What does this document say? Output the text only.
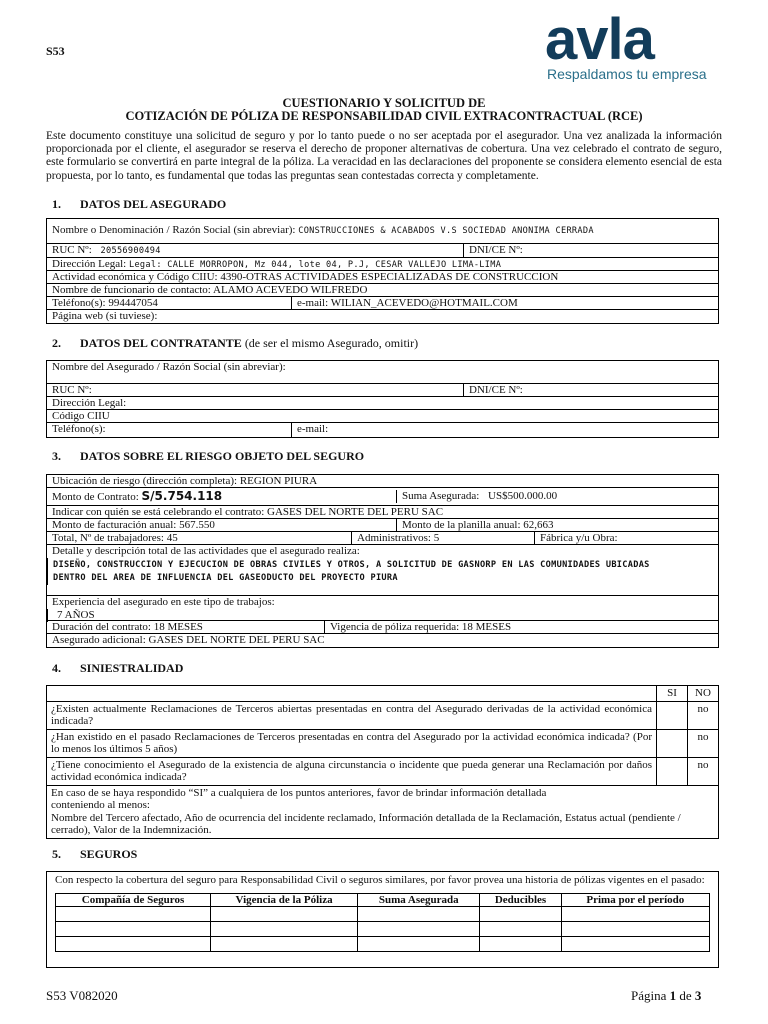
S53	avla
Respaldamos tu empresa
CUESTIONARIO Y SOLICITUD DE
COTIZACIÓN DE PÓLIZA DE RESPONSABILIDAD CIVIL EXTRACONTRACTUAL (RCE)
Este documento constituye una solicitud de seguro y por lo tanto puede o no ser aceptada por el asegurador. Una vez analizada la información proporcionada por el cliente, el asegurador se reserva el derecho de proponer alternativas de cobertura. Una vez celebrado el contrato de seguro, este formulario se convertirá en parte integral de la póliza. La veracidad en las declaraciones del proponente se considera elemento esencial de esta propuesta, por lo tanto, es fundamental que todas las preguntas sean contestadas correcta y completamente.
1. DATOS DEL ASEGURADO
Nombre o Denominación / Razón Social (sin abreviar): CONSTRUCCIONES & ACABADOS V.S SOCIEDAD ANONIMA CERRADA
RUC Nº: 20556900494	DNI/CE Nº:
Dirección Legal: Legal: CALLE MORROPON, Mz 044, lote 04, P.J, CESAR VALLEJO LIMA-LIMA
Actividad económica y Código CIIU: 4390-OTRAS ACTIVIDADES ESPECIALIZADAS DE CONSTRUCCION
Nombre de funcionario de contacto: ALAMO ACEVEDO WILFREDO
Teléfono(s): 994447054	e-mail: WILIAN_ACEVEDO@HOTMAIL.COM
Página web (si tuviese):
2. DATOS DEL CONTRATANTE (de ser el mismo Asegurado, omitir)
Nombre del Asegurado / Razón Social (sin abreviar):
RUC Nº:	DNI/CE Nº:
Dirección Legal:
Código CIIU
Teléfono(s):	e-mail:
3. DATOS SOBRE EL RIESGO OBJETO DEL SEGURO
Ubicación de riesgo (dirección completa): REGION PIURA
Monto de Contrato: S/5.754.118	Suma Asegurada: US$500.000.00
Indicar con quién se está celebrando el contrato: GASES DEL NORTE DEL PERU SAC
Monto de facturación anual: 567.550	Monto de la planilla anual: 62,663
Total, Nº de trabajadores: 45	Administrativos: 5	Fábrica y/u Obra:
Detalle y descripción total de las actividades que el asegurado realiza:
DISEÑO, CONSTRUCCION Y EJECUCION DE OBRAS CIVILES Y OTROS, A SOLICITUD DE GASNORP EN LAS COMUNIDADES UBICADAS
DENTRO DEL AREA DE INFLUENCIA DEL GASEODUCTO DEL PROYECTO PIURA
Experiencia del asegurado en este tipo de trabajos:
7 AÑOS
Duración del contrato: 18 MESES	Vigencia de póliza requerida: 18 MESES
Asegurado adicional: GASES DEL NORTE DEL PERU SAC
4. SINIESTRALIDAD
	SI	NO
¿Existen actualmente Reclamaciones de Terceros abiertas presentadas en contra del Asegurado derivadas de la actividad económica indicada?		no
¿Han existido en el pasado Reclamaciones de Terceros presentadas en contra del Asegurado por la actividad económica indicada? (Por lo menos los últimos 5 años)		no
¿Tiene conocimiento el Asegurado de la existencia de alguna circunstancia o incidente que pueda generar una Reclamación por daños actividad económica indicada?		no

En caso de se haya respondido “SI” a cualquiera de los puntos anteriores, favor de brindar información detallada
conteniendo al menos:
Nombre del Tercero afectado, Año de ocurrencia del incidente reclamado, Información detallada de la Reclamación, Estatus actual (pendiente / cerrado), Valor de la Indemnización.		
5. SEGUROS
Con respecto la cobertura del seguro para Responsabilidad Civil o seguros similares, por favor provea una historia de pólizas vigentes en el pasado:
Compañía de Seguros	Vigencia de la Póliza	Suma Asegurada	Deducibles	Prima por el período

S53 V082020	Página 1 de 3
